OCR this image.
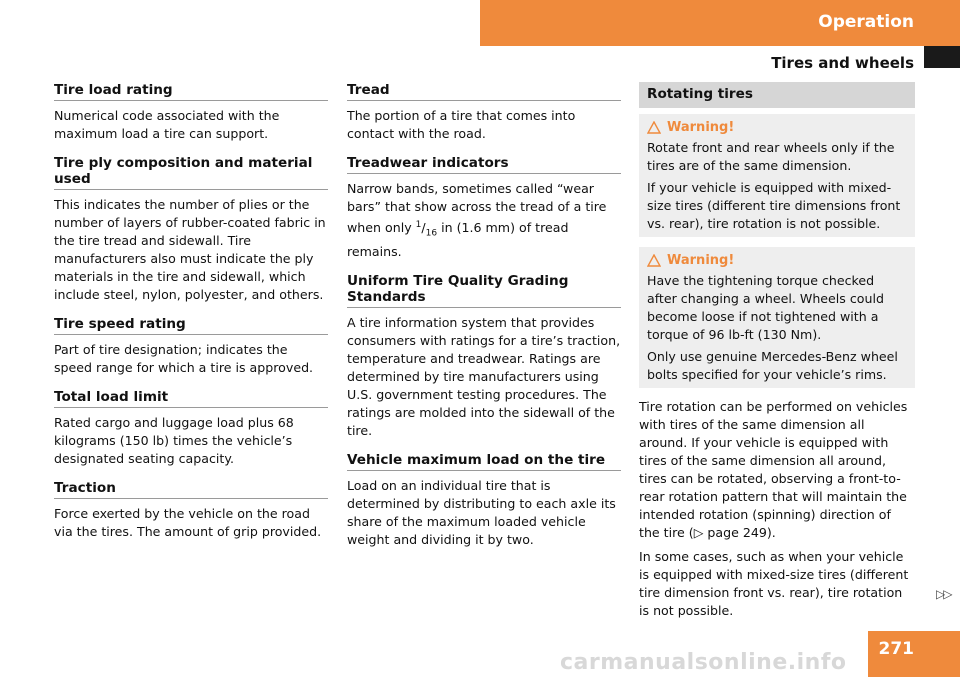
Operation
Tires and wheels
Tire load rating

Numerical code associated with the maximum load a tire can support.

Tire ply composition and material used

This indicates the number of plies or the number of layers of rubber-coated fabric in the tire tread and sidewall. Tire manufacturers also must indicate the ply materials in the tire and sidewall, which include steel, nylon, polyester, and others.

Tire speed rating

Part of tire designation; indicates the speed range for which a tire is approved.

Total load limit

Rated cargo and luggage load plus 68 kilograms (150 lb) times the vehicle’s designated seating capacity.

Traction

Force exerted by the vehicle on the road via the tires. The amount of grip provided.

Tread

The portion of a tire that comes into contact with the road.

Treadwear indicators

Narrow bands, sometimes called “wear bars” that show across the tread of a tire when only $^1/_{16}$ in (1.6 mm) of tread remains.

Uniform Tire Quality Grading Standards

A tire information system that provides consumers with ratings for a tire’s traction, temperature and treadwear. Ratings are determined by tire manufacturers using U.S. government testing procedures. The ratings are molded into the sidewall of the tire.

Vehicle maximum load on the tire

Load on an individual tire that is determined by distributing to each axle its share of the maximum loaded vehicle weight and dividing it by two.

Rotating tires
Warning!

Rotate front and rear wheels only if the tires are of the same dimension.

If your vehicle is equipped with mixed-size tires (different tire dimensions front vs. rear), tire rotation is not possible.

Warning!

Have the tightening torque checked after changing a wheel. Wheels could become loose if not tightened with a torque of 96 lb-ft (130 Nm).

Only use genuine Mercedes-Benz wheel bolts specified for your vehicle’s rims.

Tire rotation can be performed on vehicles with tires of the same dimension all around. If your vehicle is equipped with tires of the same dimension all around, tires can be rotated, observing a front-to-rear rotation pattern that will maintain the intended rotation (spinning) direction of the tire (▷ page 249).

In some cases, such as when your vehicle is equipped with mixed-size tires (different tire dimension front vs. rear), tire rotation is not possible.

▷▷
carmanualsonline.info
271
